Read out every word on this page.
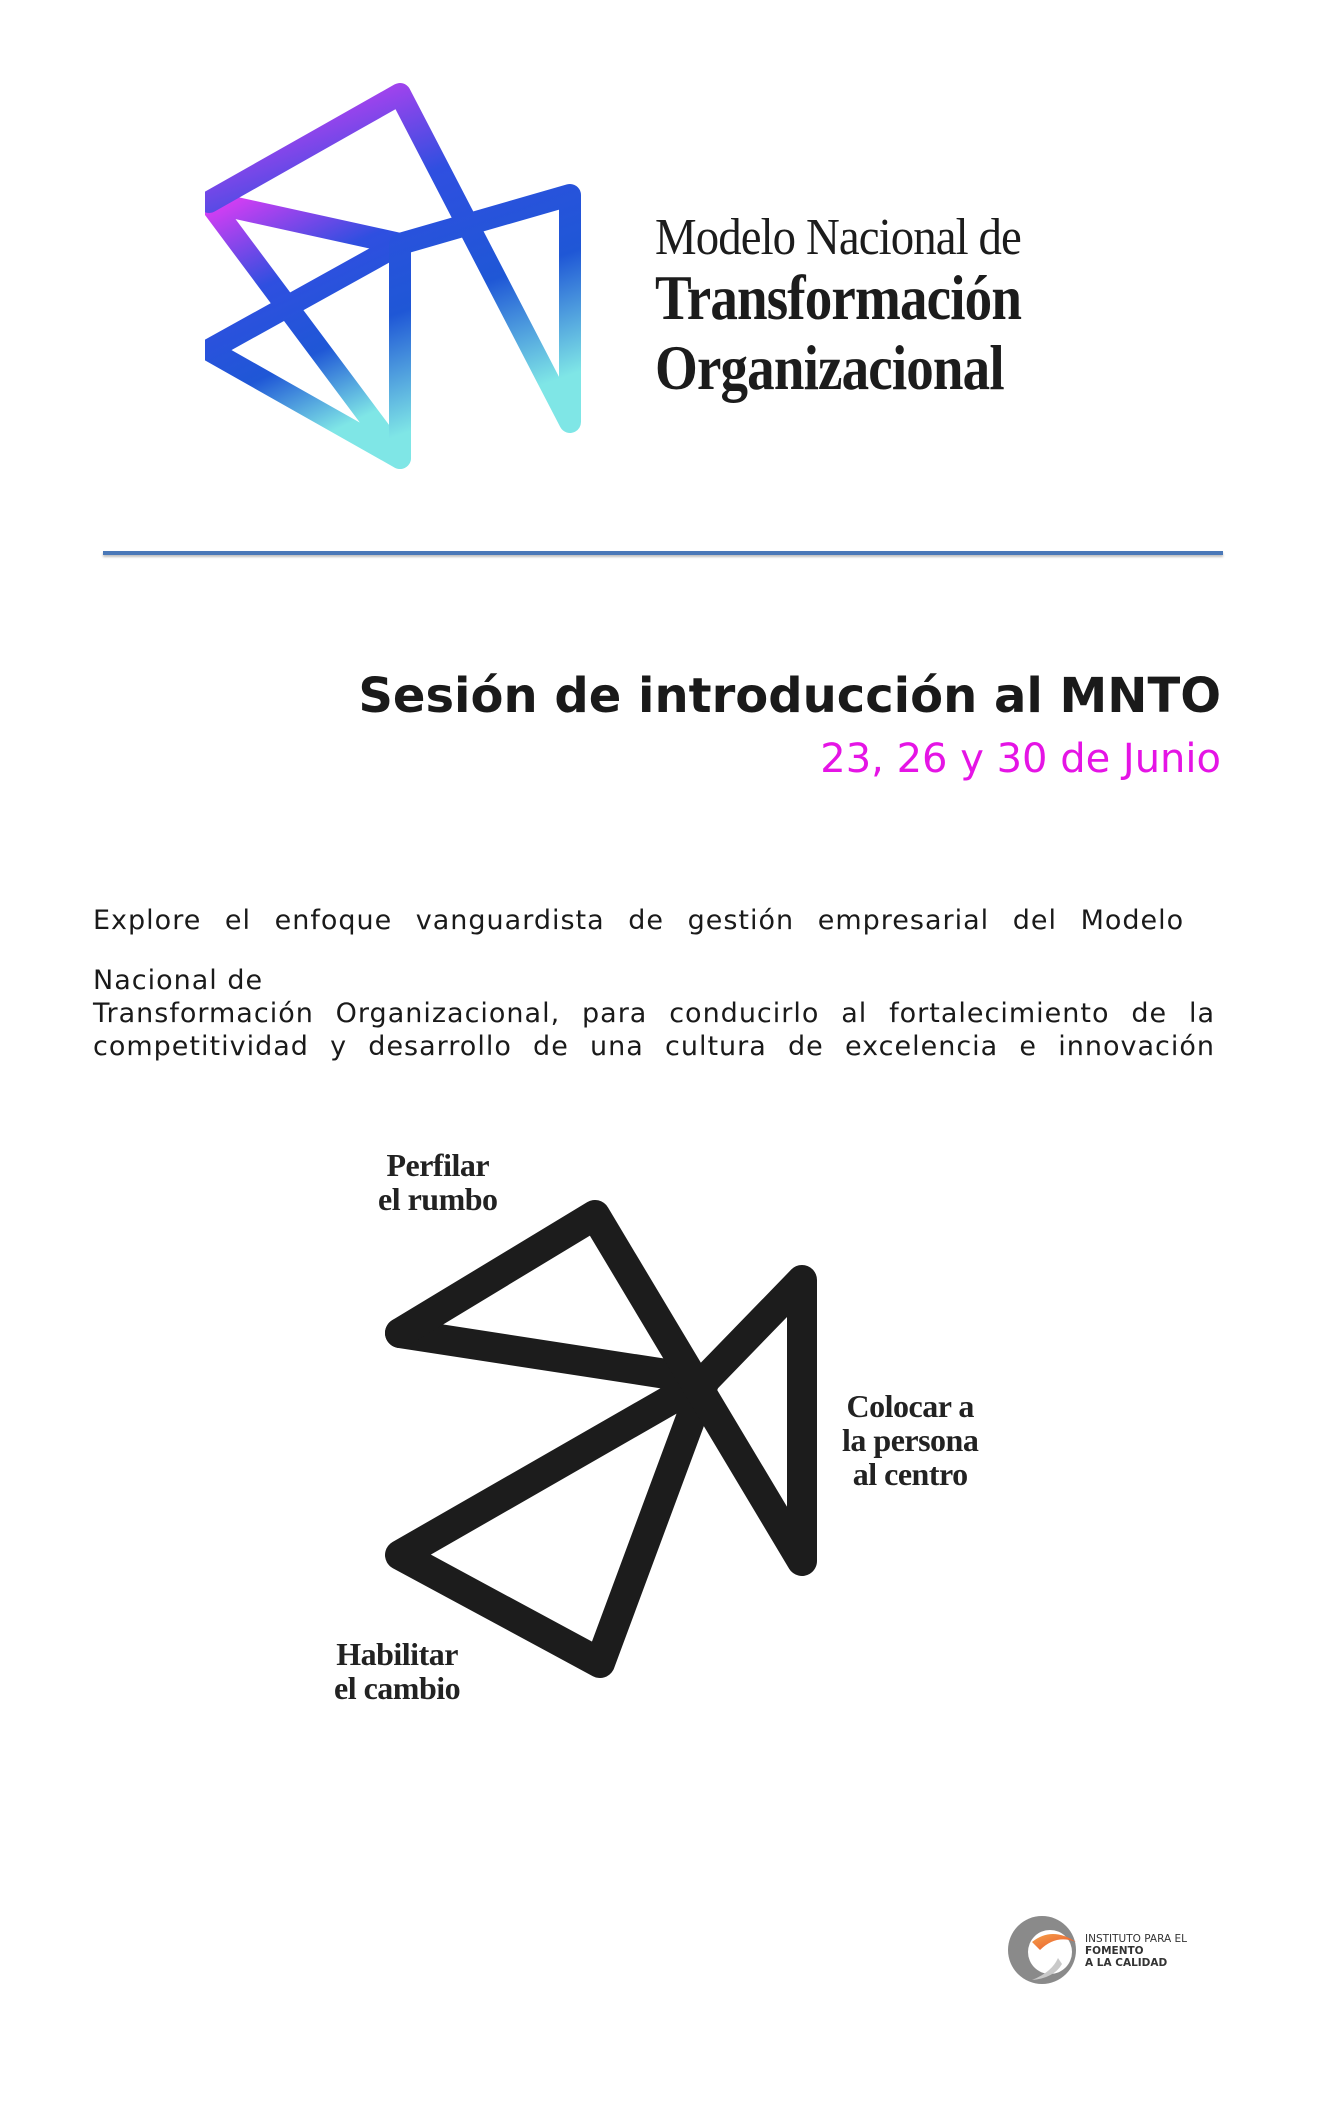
Modelo Nacional de
Transformación
Organizacional
Sesión de introducción al MNTO
23, 26 y 30 de Junio
Explore el enfoque vanguardista de gestión empresarial del Modelo
Nacional de
Transformación Organizacional, para conducirlo al fortalecimiento de la competitividad y desarrollo de una cultura de excelencia e innovación
Perfilar
el rumbo
Colocar a
la persona
al centro
Habilitar
el cambio
INSTITUTO PARA EL
FOMENTO
A LA CALIDAD
